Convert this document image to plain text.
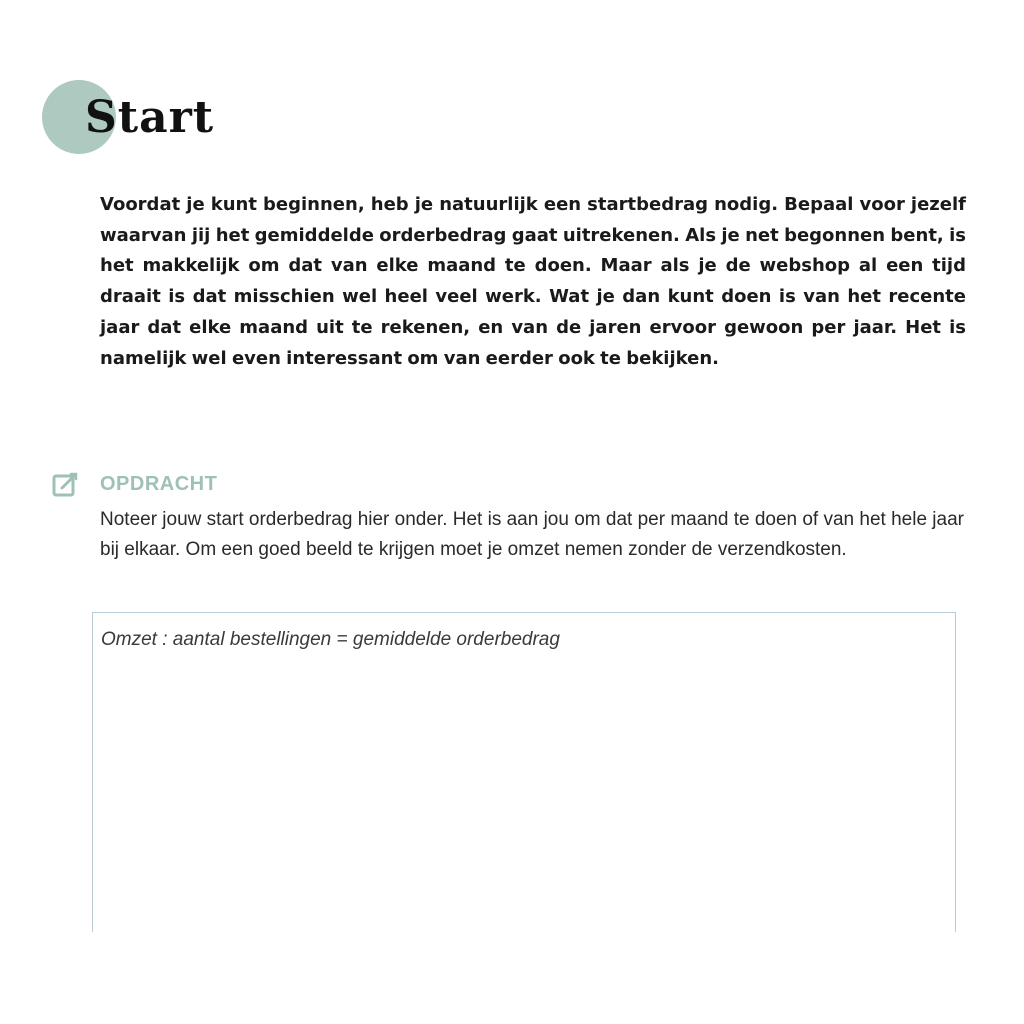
Start

Voordat je kunt beginnen, heb je natuurlijk een startbedrag nodig. Bepaal voor jezelf waarvan jij het gemiddelde orderbedrag gaat uitrekenen. Als je net begonnen bent, is het makkelijk om dat van elke maand te doen. Maar als je de webshop al een tijd draait is dat misschien wel heel veel werk. Wat je dan kunt doen is van het recente jaar dat elke maand uit te rekenen, en van de jaren ervoor gewoon per jaar. Het is namelijk wel even interessant om van eerder ook te bekijken.

OPDRACHT

Noteer jouw start orderbedrag hier onder. Het is aan jou om dat per maand te doen of van het hele jaar bij elkaar. Om een goed beeld te krijgen moet je omzet nemen zonder de verzendkosten.

Omzet : aantal bestellingen = gemiddelde orderbedrag
